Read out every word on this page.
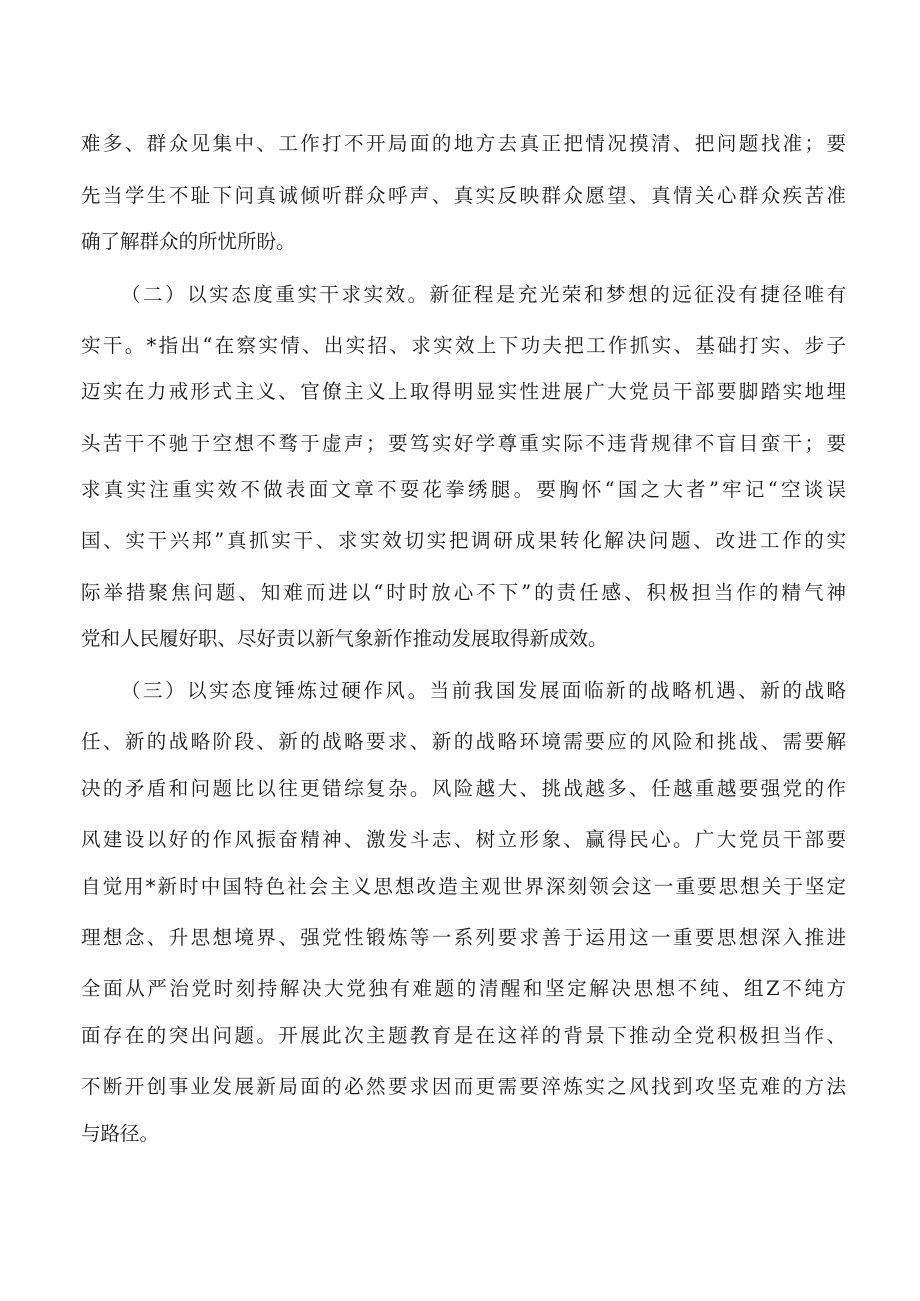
难多、群众见集中、工作打不开局面的地方去真正把情况摸清、把问题找准；要
先当学生不耻下问真诚倾听群众呼声、真实反映群众愿望、真情关心群众疾苦准
确了解群众的所忧所盼。
（二）以实态度重实干求实效。新征程是充光荣和梦想的远征没有捷径唯有
实干。*指出“在察实情、出实招、求实效上下功夫把工作抓实、基础打实、步子
迈实在力戒形式主义、官僚主义上取得明显实性进展广大党员干部要脚踏实地埋
头苦干不驰于空想不骛于虚声；要笃实好学尊重实际不违背规律不盲目蛮干；要
求真实注重实效不做表面文章不耍花拳绣腿。要胸怀“国之大者”牢记“空谈误
国、实干兴邦”真抓实干、求实效切实把调研成果转化解决问题、改进工作的实
际举措聚焦问题、知难而进以“时时放心不下”的责任感、积极担当作的精气神
党和人民履好职、尽好责以新气象新作推动发展取得新成效。
（三）以实态度锤炼过硬作风。当前我国发展面临新的战略机遇、新的战略
任、新的战略阶段、新的战略要求、新的战略环境需要应的风险和挑战、需要解
决的矛盾和问题比以往更错综复杂。风险越大、挑战越多、任越重越要强党的作
风建设以好的作风振奋精神、激发斗志、树立形象、赢得民心。广大党员干部要
自觉用*新时中国特色社会主义思想改造主观世界深刻领会这一重要思想关于坚定
理想念、升思想境界、强党性锻炼等一系列要求善于运用这一重要思想深入推进
全面从严治党时刻持解决大党独有难题的清醒和坚定解决思想不纯、组Z不纯方
面存在的突出问题。开展此次主题教育是在这祥的背景下推动全党积极担当作、
不断开创事业发展新局面的必然要求因而更需要淬炼实之风找到攻坚克难的方法
与路径。
